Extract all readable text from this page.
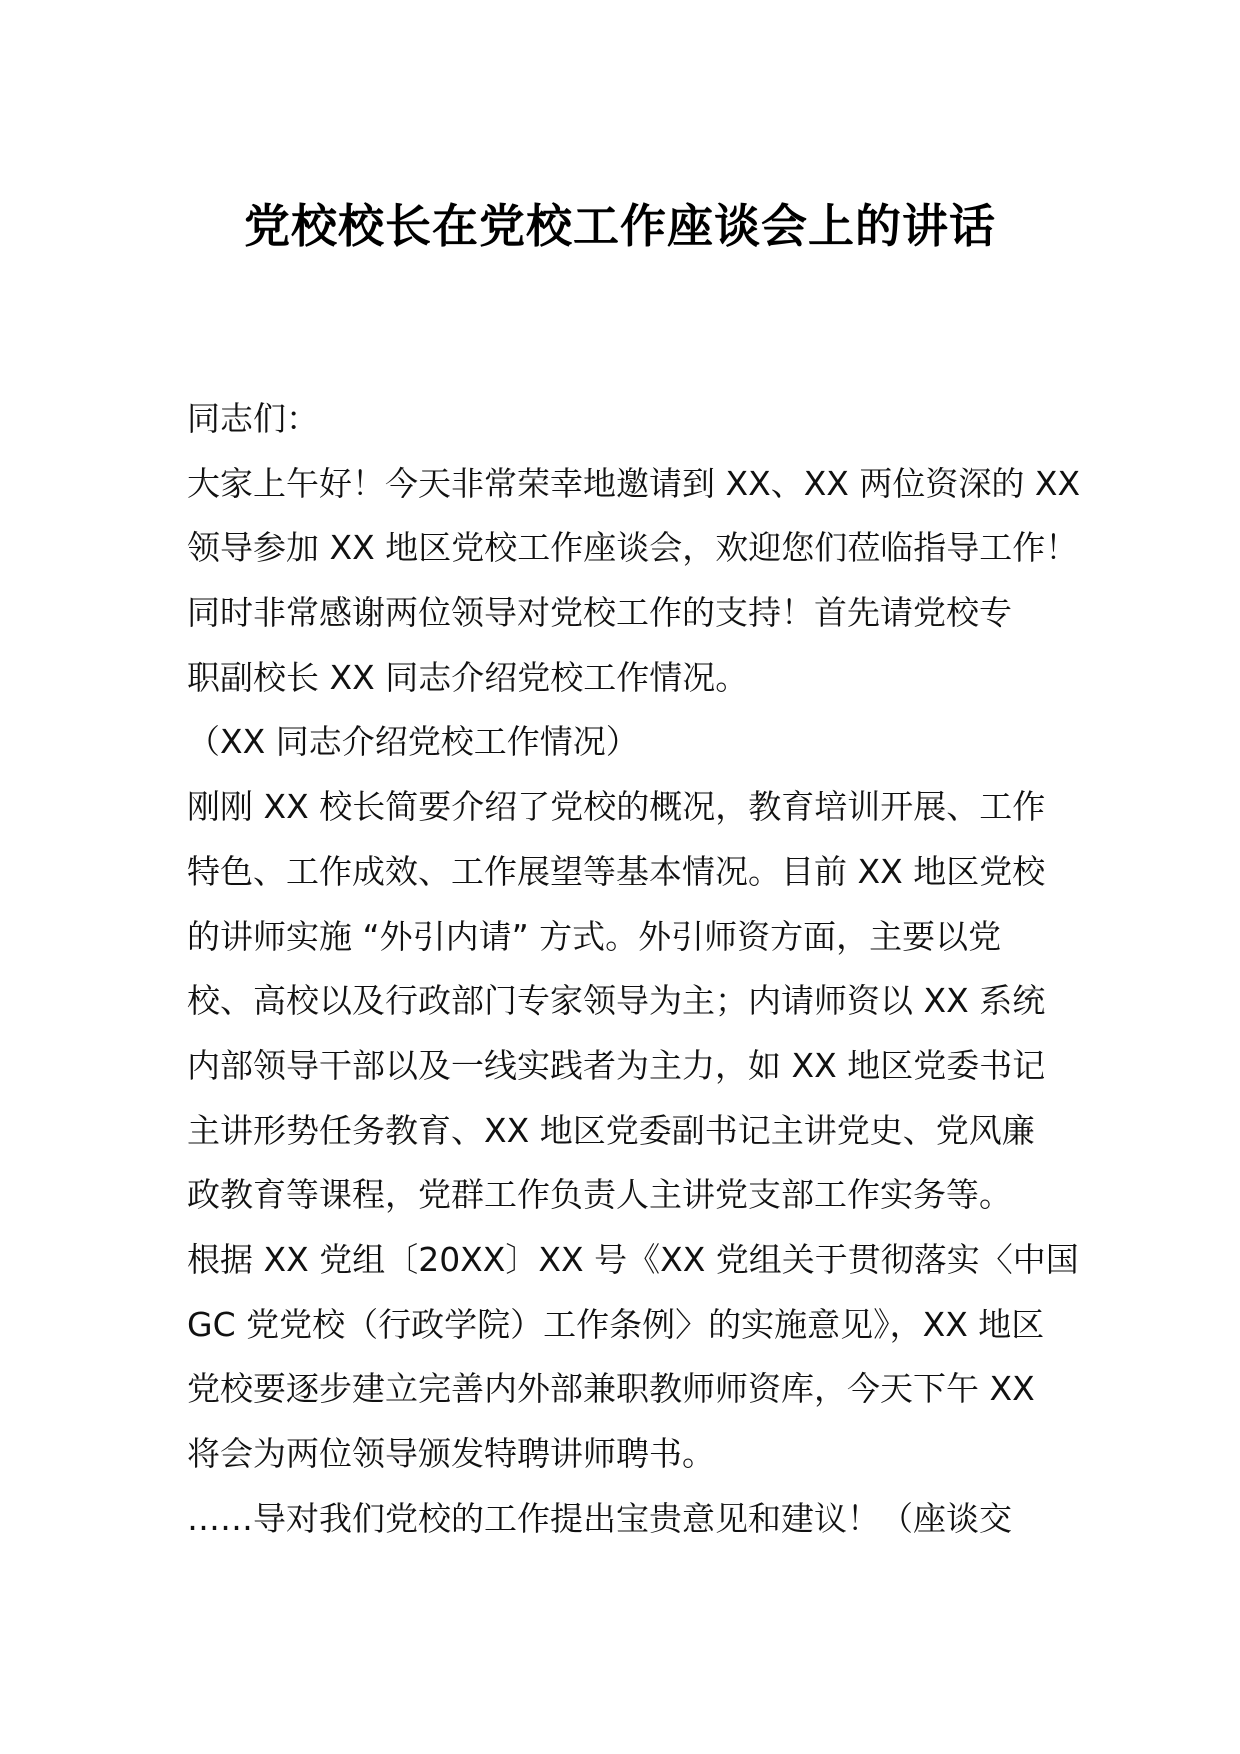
党校校长在党校工作座谈会上的讲话
同志们：
大家上午好！今天非常荣幸地邀请到 XX、XX 两位资深的 XX
领导参加 XX 地区党校工作座谈会，欢迎您们莅临指导工作！
同时非常感谢两位领导对党校工作的支持！首先请党校专
职副校长 XX 同志介绍党校工作情况。
（XX 同志介绍党校工作情况）
刚刚 XX 校长简要介绍了党校的概况，教育培训开展、工作
特色、工作成效、工作展望等基本情况。目前 XX 地区党校
的讲师实施 “外引内请” 方式。外引师资方面，主要以党
校、高校以及行政部门专家领导为主；内请师资以 XX 系统
内部领导干部以及一线实践者为主力，如 XX 地区党委书记
主讲形势任务教育、XX 地区党委副书记主讲党史、党风廉
政教育等课程，党群工作负责人主讲党支部工作实务等。
根据 XX 党组〔20XX〕XX 号《XX 党组关于贯彻落实〈中国
GC 党党校（行政学院）工作条例〉的实施意见》，XX 地区
党校要逐步建立完善内外部兼职教师师资库，今天下午 XX
将会为两位领导颁发特聘讲师聘书。
……导对我们党校的工作提出宝贵意见和建议！（座谈交
